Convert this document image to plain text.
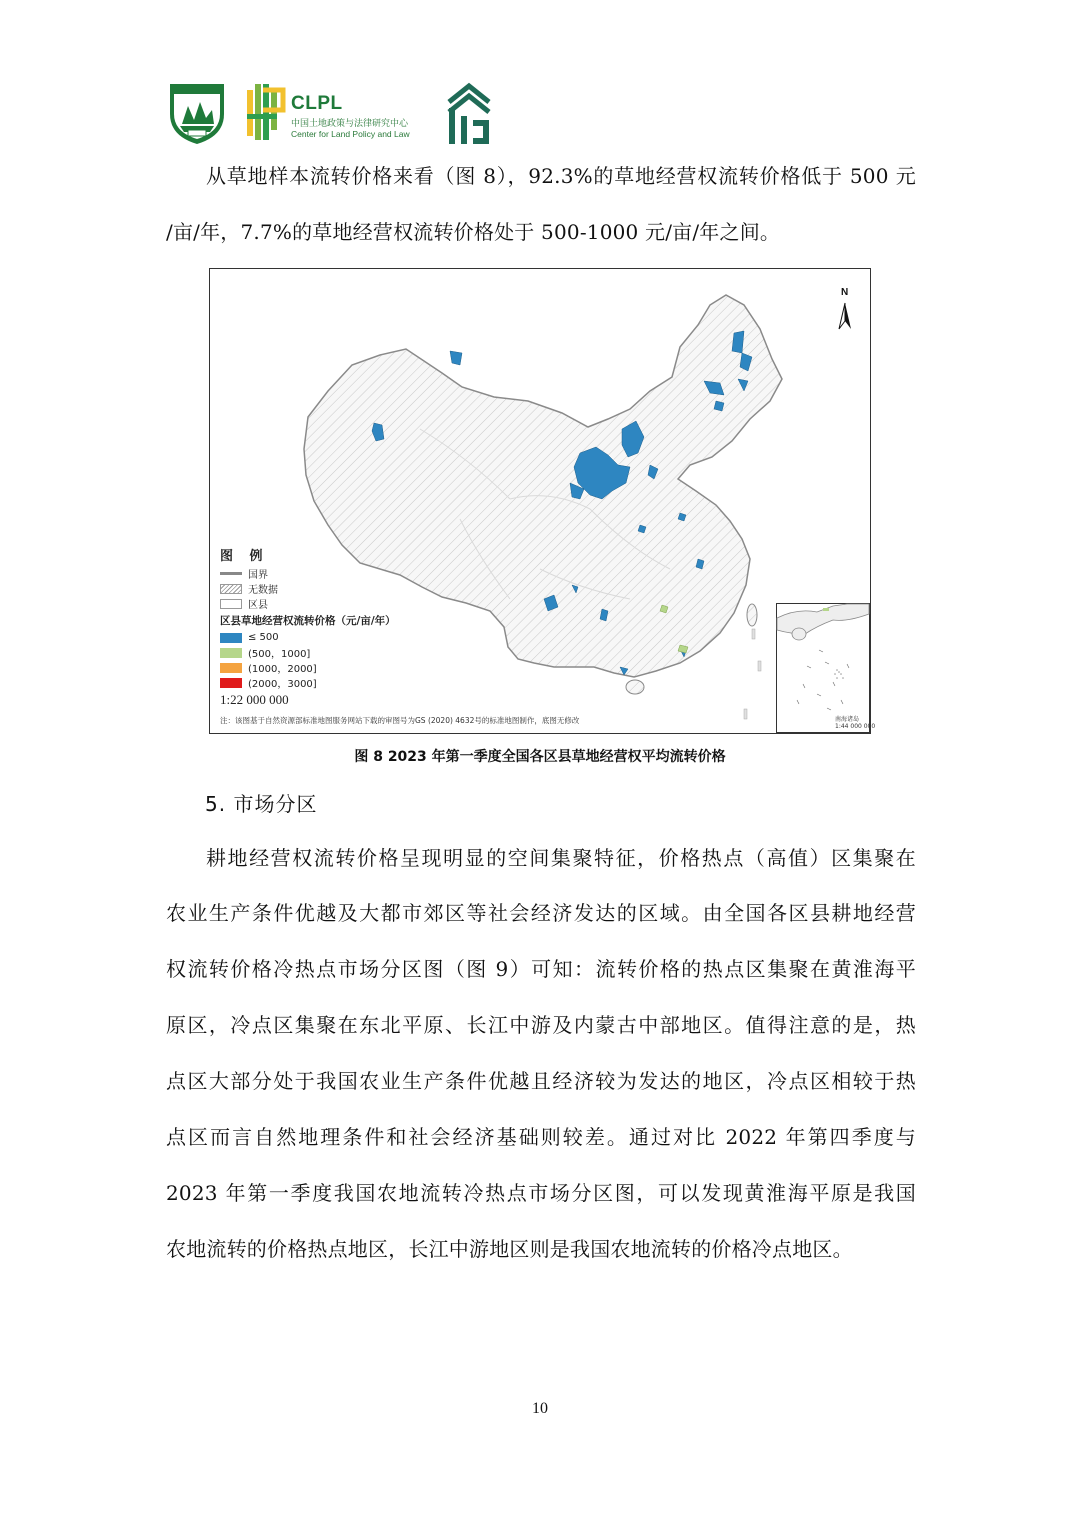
CLPL
中国土地政策与法律研究中心
Center for Land Policy and Law
从草地样本流转价格来看（图 8），92.3%的草地经营权流转价格低于 500 元
/亩/年，7.7%的草地经营权流转价格处于 500-1000 元/亩/年之间。
N
图 例
国界
无数据
区县
区县草地经营权流转价格（元/亩/年）
≤ 500
(500，1000]
(1000，2000]
(2000，3000]
1:22 000 000
注：该图基于自然资源部标准地图服务网站下载的审图号为GS (2020) 4632号的标准地图制作，底图无修改	南海诸岛
1:44 000 000
图 8 2023 年第一季度全国各区县草地经营权平均流转价格
5. 市场分区
耕地经营权流转价格呈现明显的空间集聚特征，价格热点（高值）区集聚在
农业生产条件优越及大都市郊区等社会经济发达的区域。由全国各区县耕地经营
权流转价格冷热点市场分区图（图 9）可知：流转价格的热点区集聚在黄淮海平
原区，冷点区集聚在东北平原、长江中游及内蒙古中部地区。值得注意的是，热
点区大部分处于我国农业生产条件优越且经济较为发达的地区，冷点区相较于热
点区而言自然地理条件和社会经济基础则较差。通过对比 2022 年第四季度与
2023 年第一季度我国农地流转冷热点市场分区图，可以发现黄淮海平原是我国
农地流转的价格热点地区，长江中游地区则是我国农地流转的价格冷点地区。
10
